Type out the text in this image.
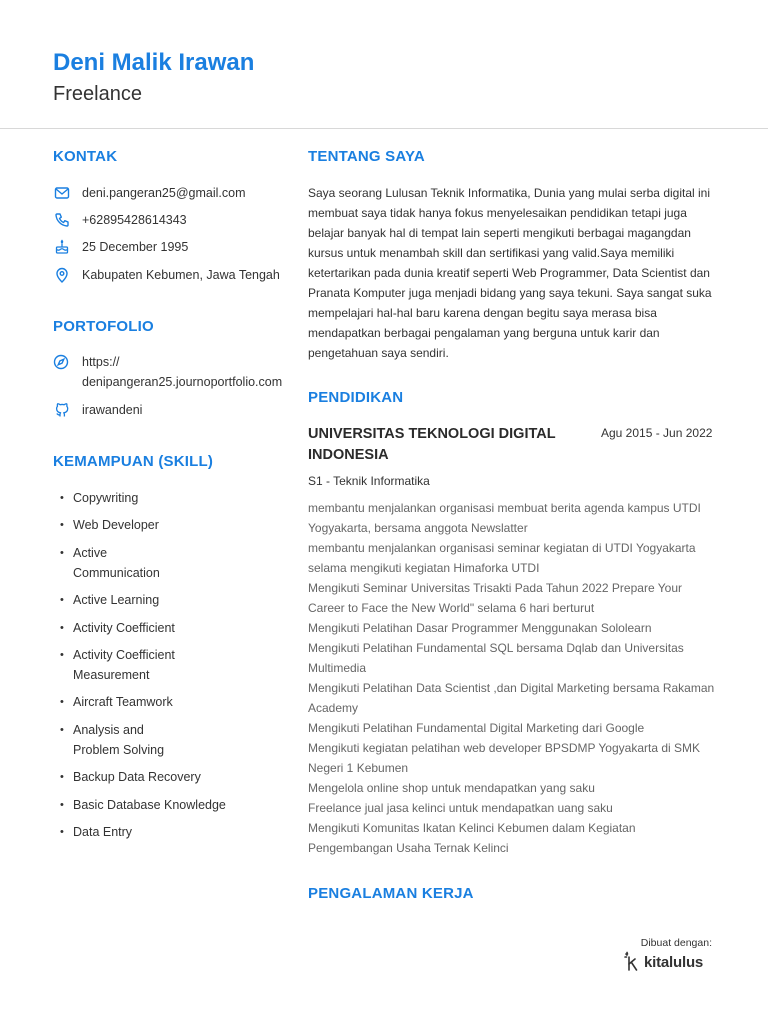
Deni Malik Irawan
Freelance
KONTAK
deni.pangeran25@gmail.com
+62895428614343
25 December 1995
Kabupaten Kebumen, Jawa Tengah
PORTOFOLIO
https://
denipangeran25.journoportfolio.com
irawandeni
KEMAMPUAN (SKILL)
• Copywriting
• Web Developer
• Active Communication
• Active Learning
• Activity Coefficient
• Activity Coefficient Measurement
• Aircraft Teamwork
• Analysis and Problem Solving
• Backup Data Recovery
• Basic Database Knowledge
• Data Entry
TENTANG SAYA
Saya seorang Lulusan Teknik Informatika, Dunia yang mulai serba digital ini membuat saya tidak hanya fokus menyelesaikan pendidikan tetapi juga belajar banyak hal di tempat lain seperti mengikuti berbagai magangdan kursus untuk menambah skill dan sertifikasi yang valid.Saya memiliki ketertarikan pada dunia kreatif seperti Web Programmer, Data Scientist dan Pranata Komputer juga menjadi bidang yang saya tekuni. Saya sangat suka mempelajari hal-hal baru karena dengan begitu saya merasa bisa mendapatkan berbagai pengalaman yang berguna untuk karir dan pengetahuan saya sendiri.
PENDIDIKAN
UNIVERSITAS TEKNOLOGI DIGITAL INDONESIA
Agu 2015 - Jun 2022
S1 - Teknik Informatika
membantu menjalankan organisasi membuat berita agenda kampus UTDI Yogyakarta, bersama anggota Newslatter
membantu menjalankan organisasi seminar kegiatan di UTDI Yogyakarta selama mengikuti kegiatan Himaforka UTDI
Mengikuti Seminar Universitas Trisakti Pada Tahun 2022 Prepare Your Career to Face the New World" selama 6 hari berturut
Mengikuti Pelatihan Dasar Programmer Menggunakan Sololearn
Mengikuti Pelatihan Fundamental SQL bersama Dqlab dan Universitas Multimedia
Mengikuti Pelatihan Data Scientist ,dan Digital Marketing bersama Rakaman Academy
Mengikuti Pelatihan Fundamental Digital Marketing dari Google
Mengikuti kegiatan pelatihan web developer BPSDMP Yogyakarta di SMK Negeri 1 Kebumen
Mengelola online shop untuk mendapatkan yang saku
Freelance jual jasa kelinci untuk mendapatkan uang saku
Mengikuti Komunitas Ikatan Kelinci Kebumen dalam Kegiatan Pengembangan Usaha Ternak Kelinci
PENGALAMAN KERJA
Dibuat dengan:
kitalulus
